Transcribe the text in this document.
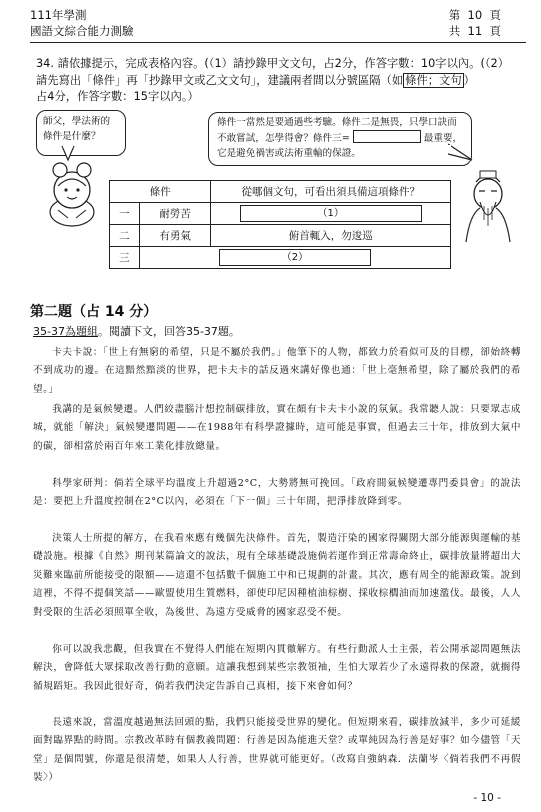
111年學測
國語文綜合能力測驗
第  10  頁
共  11  頁
34. 請依據提示，完成表格內容。(（1）請抄錄甲文文句，占2分，作答字數：10字以內。(（2）
請先寫出「條件」再「抄錄甲文或乙文文句」，建議兩者間以分號區隔（如 條件；文句 ）
占4分，作答字數：15字以內。）
師父，學法術的條件是什麼？
條件一當然是要通過些考驗。條件二是無畏，只學口訣而不敢嘗試，怎學得會？條件三=	最重要，它是避免禍害或法術重輸的保證。
條件		從哪個文句，可看出須具備這項條件？
一	耐勞苦	（1）
二	有勇氣	俯首輒入，勿逡巡
三	（2）	
第二題（占 14 分）
35-37為題組。閱讀下文，回答35-37題。
卡夫卡說：「世上有無窮的希望，只是不屬於我們。」他筆下的人物，都致力於看似可及的目標，卻始終轉不到成功的邊。在這黯然黯淡的世界，把卡夫卡的話反過來講好像也通：「世上毫無希望，除了屬於我們的希望。」
我講的是氣候變遷。人們絞盡腦汁想控制碳排放，實在頗有卡夫卡小說的氛氣。我常聽人說：只要眾志成城，就能「解決」氣候變遷問題——在1988年有科學證據時，這可能是事實，但過去三十年，排放到大氣中的碳，卻相當於兩百年來工業化排放總量。
科學家研判：倘若全球平均溫度上升超過2°C，大勢將無可挽回。「政府間氣候變遷專門委員會」的說法是：要把上升溫度控制在2°C以內，必須在「下一個」三十年間，把淨排放降到零。
決策人士所提的解方，在我看來應有幾個先決條件。首先，製造汙染的國家得關閉大部分能源與運輸的基礎設施。根據《自然》期刊某篇論文的說法，現有全球基礎設施倘若運作到正常壽命終止，碳排放量將超出大災難來臨前所能接受的限額——這還不包括數千個施工中和已規劃的計畫。其次，應有周全的能源政策。說到這裡，不得不提個笑話——歐盟使用生質燃料，卻使印尼因種植油棕樹、採收棕櫚油而加速濫伐。最後，人人對受限的生活必須照單全收，為後世、為遠方受威脅的國家忍受不便。
你可以說我悲觀，但我實在不覺得人們能在短期內貫徹解方。有些行動派人士主張，若公開承認問題無法解決，會降低大眾採取改善行動的意願。這讓我想到某些宗教領袖，生怕大眾若少了永遠得救的保證，就搁得循規蹈矩。我因此很好奇，倘若我們決定告訴自己真相，接下來會如何？
長遠來說，當溫度越過無法回頭的點，我們只能接受世界的變化。但短期來看，碳排放減半，多少可延緩面對臨界點的時間。宗教改革時有個教義問題：行善是因為能進天堂？或單純因為行善是好事？如今儘管「天堂」是個問號，你還是很清楚，如果人人行善，世界就可能更好。（改寫自強納森．法蘭岑〈倘若我們不再假裝〉）
- 10 -
